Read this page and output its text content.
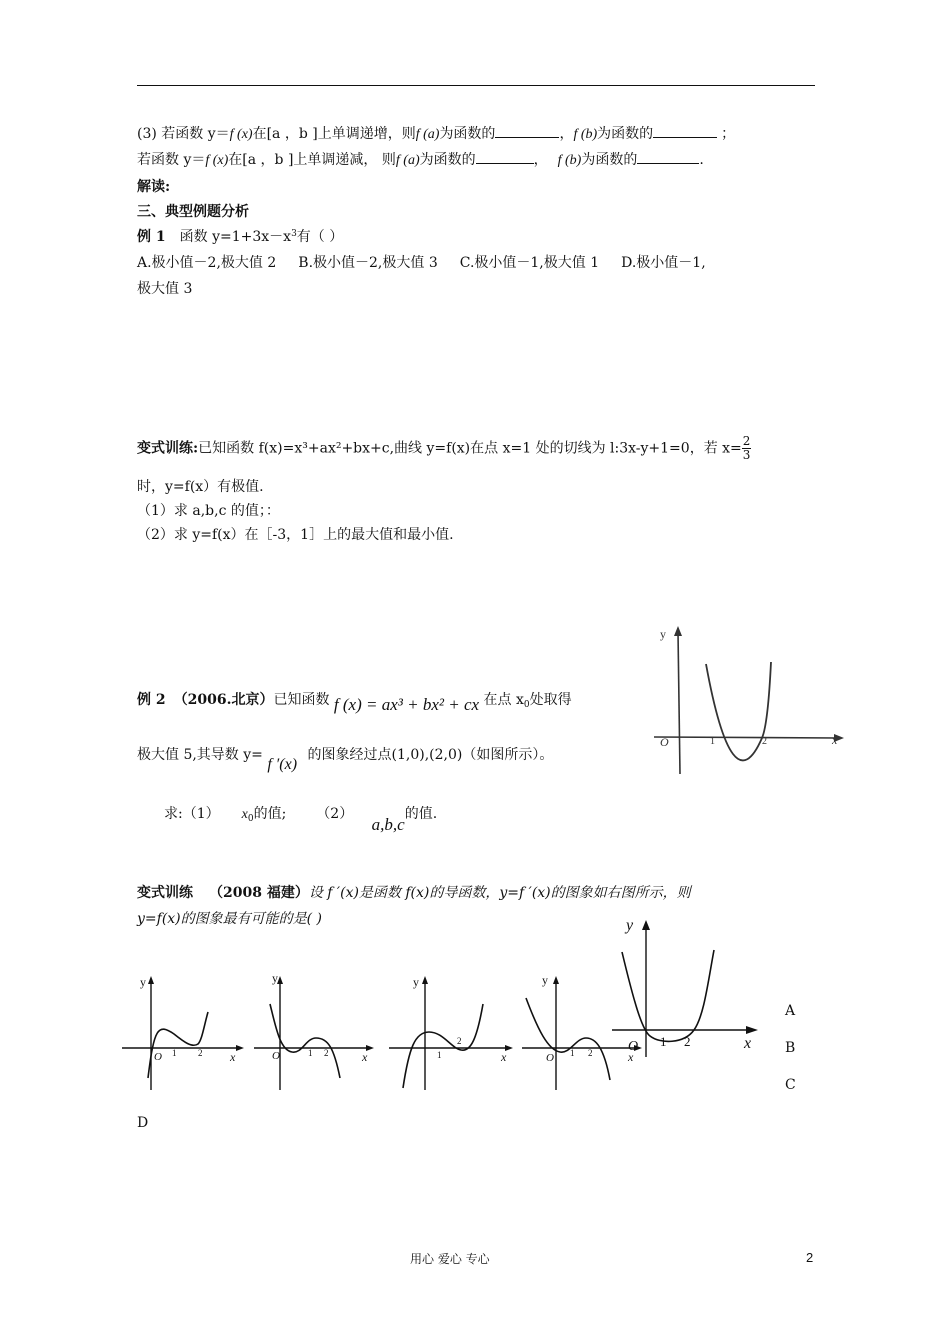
(3) 若函数 y＝f (x)在[a ，b ]上单调递增，则f (a)为函数的	，f (b)为函数的	；
若函数 y＝f (x)在[a ，b ]上单调递减， 则f (a)为函数的	， f (b)为函数的	.
解读:
三、典型例题分析
例 1 函数 $y=1+3x-x^3$有（ ）
A.极小值－2,极大值 2 B.极小值－2,极大值 3 C.极小值－1,极大值 1 D.极小值－1,
极大值 3
变式训练:已知函数 f(x)=x³+ax²+bx+c,曲线 y=f(x)在点 x=1 处的切线为 l:3x-y+1=0，若 $x= \frac{2}{3}$
时，y=f(x）有极值.
（1）求 a,b,c 的值；：
（2）求 y=f(x）在［-3，1］上的最大值和最小值.
例 2 （2006.北京）已知函数 f (x) = ax³ + bx² + cx 在点 $x_0$处取得
极大值 5,其导数 y= f ′(x) 的图象经过点(1,0),(2,0)（如图所示）。
求:（1） $x_0$的值; （2） a,b,c的值.
y
x
O	1	2
变式训练 （2008 福建）设 f ′(x)是函数 f(x)的导函数，y=f ′(x)的图象如右图所示，则
y=f(x)的图象最有可能的是( )
y
x
O 1 2
y
x
O	1 2
y
x
1
2
y
x
O 1 2
y
x
O 1 2
A
B
C
D
用心 爱心 专心	2
